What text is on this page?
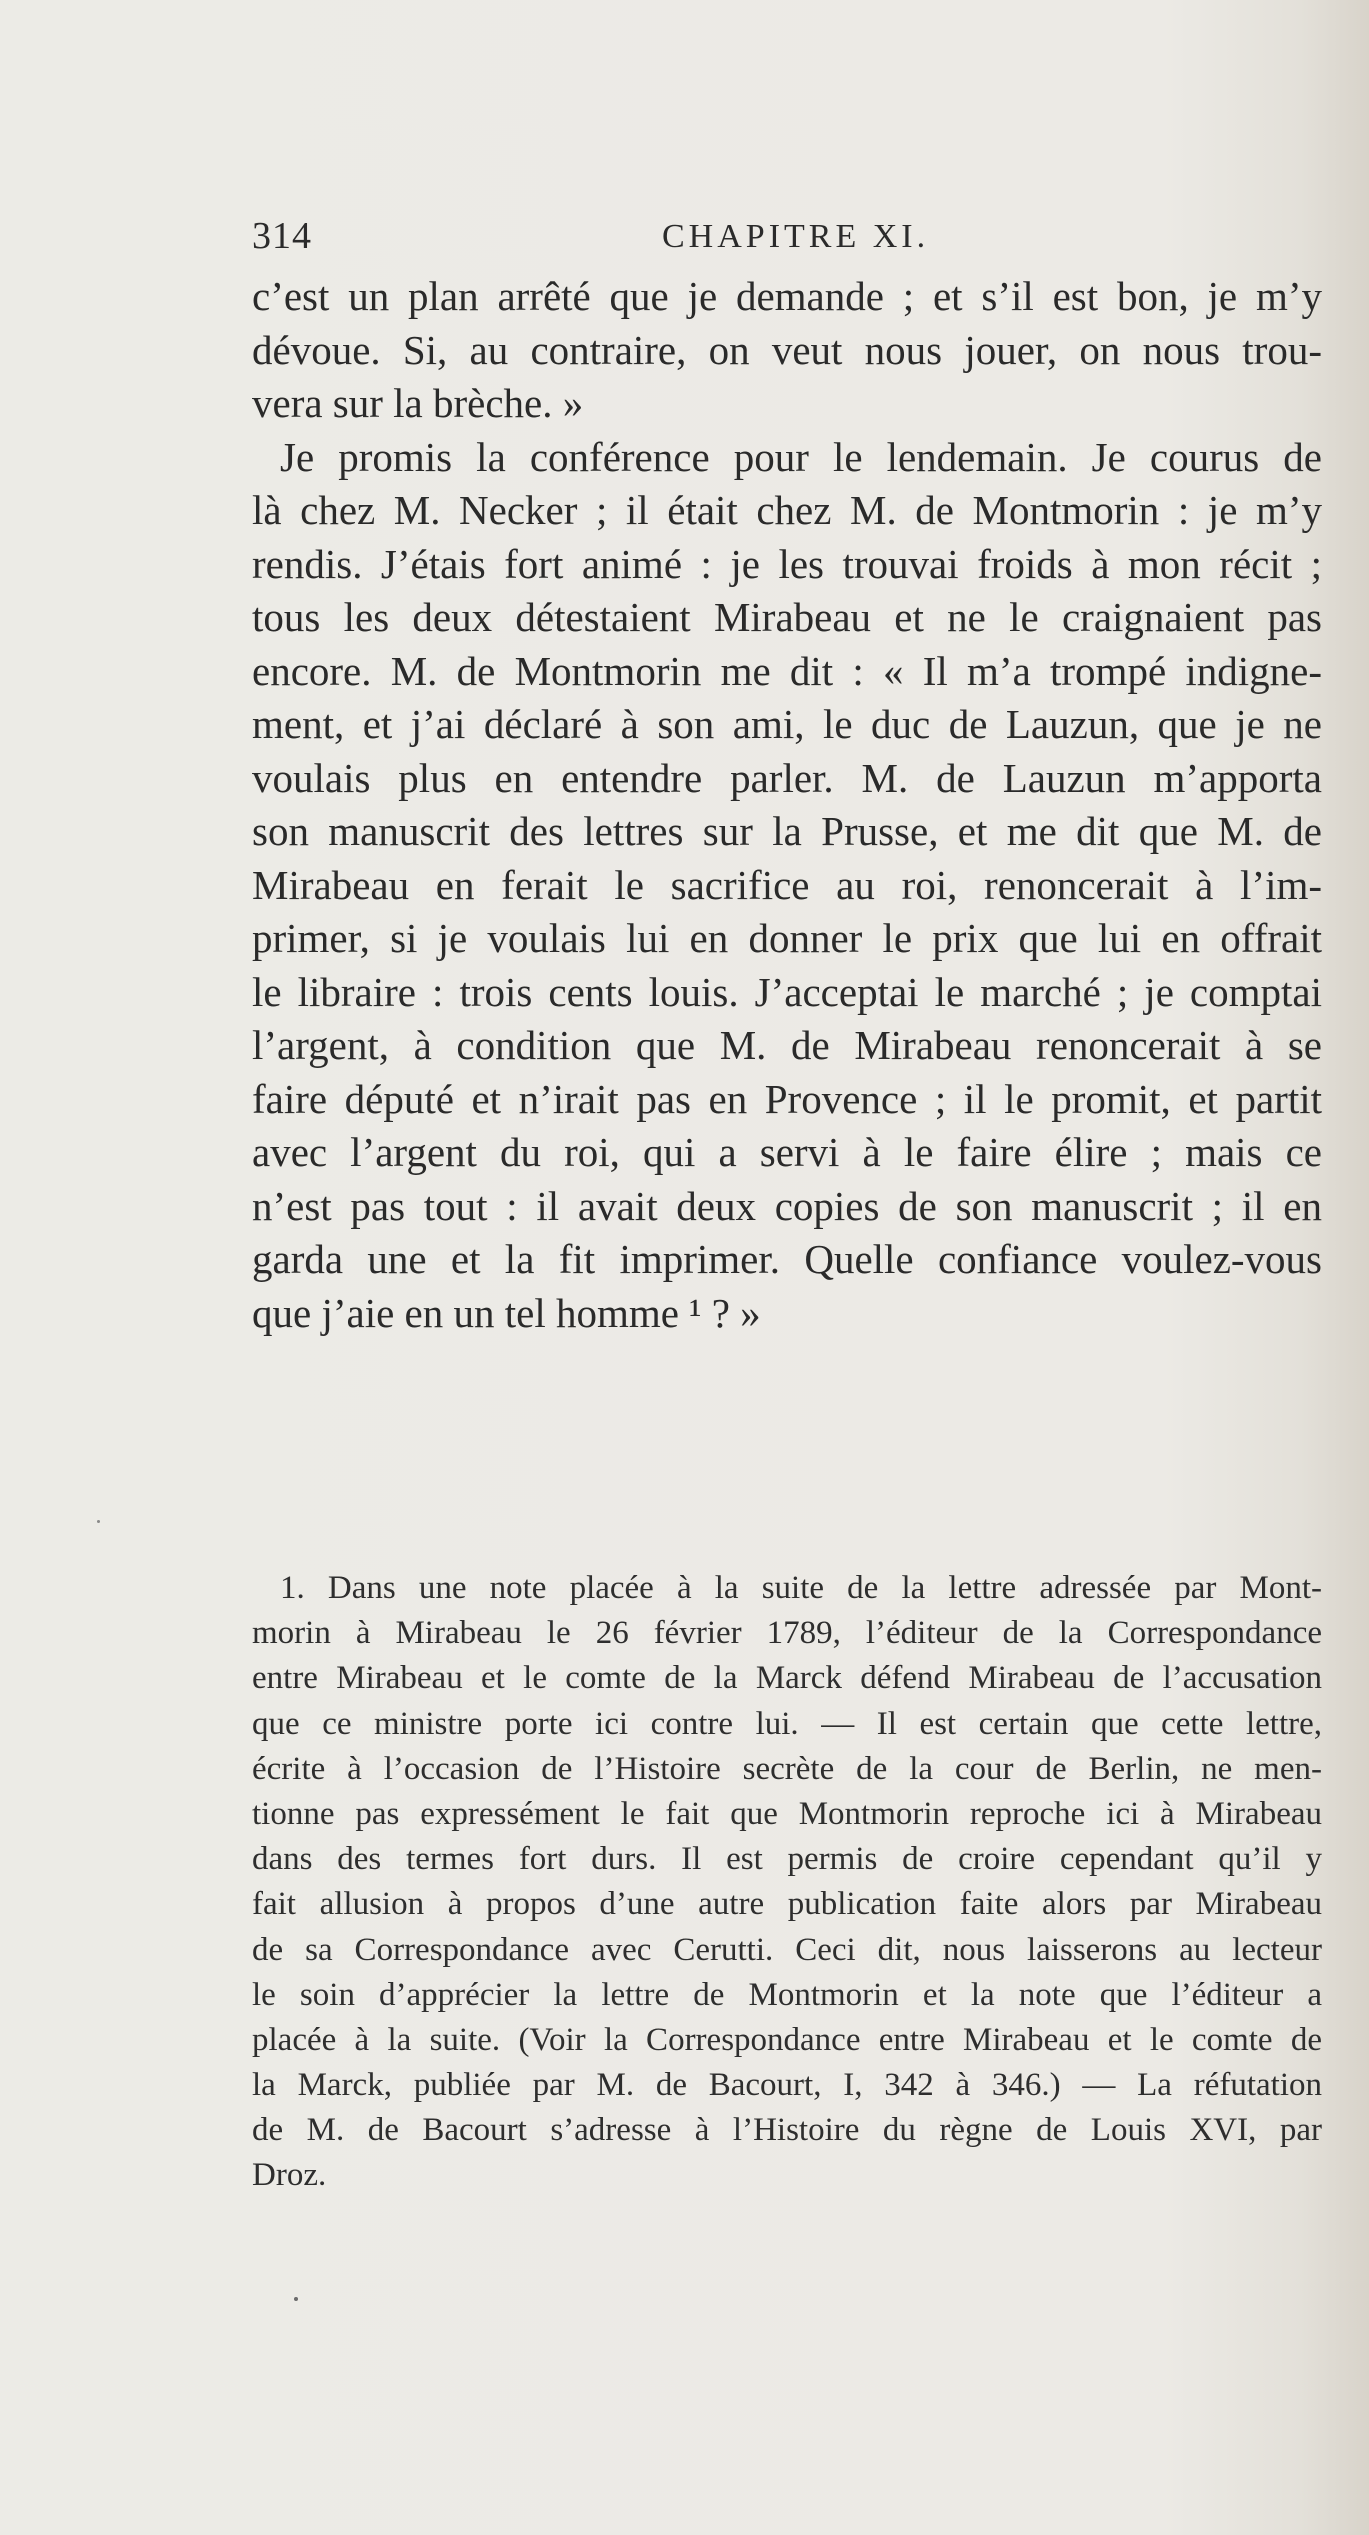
314	CHAPITRE XI.
c’est un plan arrêté que je demande ; et s’il est bon, je m’y
dévoue. Si, au contraire, on veut nous jouer, on nous trou-
vera sur la brèche. »
Je promis la conférence pour le lendemain. Je courus de
là chez M. Necker ; il était chez M. de Montmorin : je m’y
rendis. J’étais fort animé : je les trouvai froids à mon récit ;
tous les deux détestaient Mirabeau et ne le craignaient pas
encore. M. de Montmorin me dit : « Il m’a trompé indigne-
ment, et j’ai déclaré à son ami, le duc de Lauzun, que je ne
voulais plus en entendre parler. M. de Lauzun m’apporta
son manuscrit des lettres sur la Prusse, et me dit que M. de
Mirabeau en ferait le sacrifice au roi, renoncerait à l’im-
primer, si je voulais lui en donner le prix que lui en offrait
le libraire : trois cents louis. J’acceptai le marché ; je comptai
l’argent, à condition que M. de Mirabeau renoncerait à se
faire député et n’irait pas en Provence ; il le promit, et partit
avec l’argent du roi, qui a servi à le faire élire ; mais ce
n’est pas tout : il avait deux copies de son manuscrit ; il en
garda une et la fit imprimer. Quelle confiance voulez-vous
que j’aie en un tel homme ¹ ? »
1. Dans une note placée à la suite de la lettre adressée par Mont-
morin à Mirabeau le 26 février 1789, l’éditeur de la Correspondance
entre Mirabeau et le comte de la Marck défend Mirabeau de l’accusation
que ce ministre porte ici contre lui. — Il est certain que cette lettre,
écrite à l’occasion de l’Histoire secrète de la cour de Berlin, ne men-
tionne pas expressément le fait que Montmorin reproche ici à Mirabeau
dans des termes fort durs. Il est permis de croire cependant qu’il y
fait allusion à propos d’une autre publication faite alors par Mirabeau
de sa Correspondance avec Cerutti. Ceci dit, nous laisserons au lecteur
le soin d’apprécier la lettre de Montmorin et la note que l’éditeur a
placée à la suite. (Voir la Correspondance entre Mirabeau et le comte de
la Marck, publiée par M. de Bacourt, I, 342 à 346.) — La réfutation
de M. de Bacourt s’adresse à l’Histoire du règne de Louis XVI, par
Droz.
